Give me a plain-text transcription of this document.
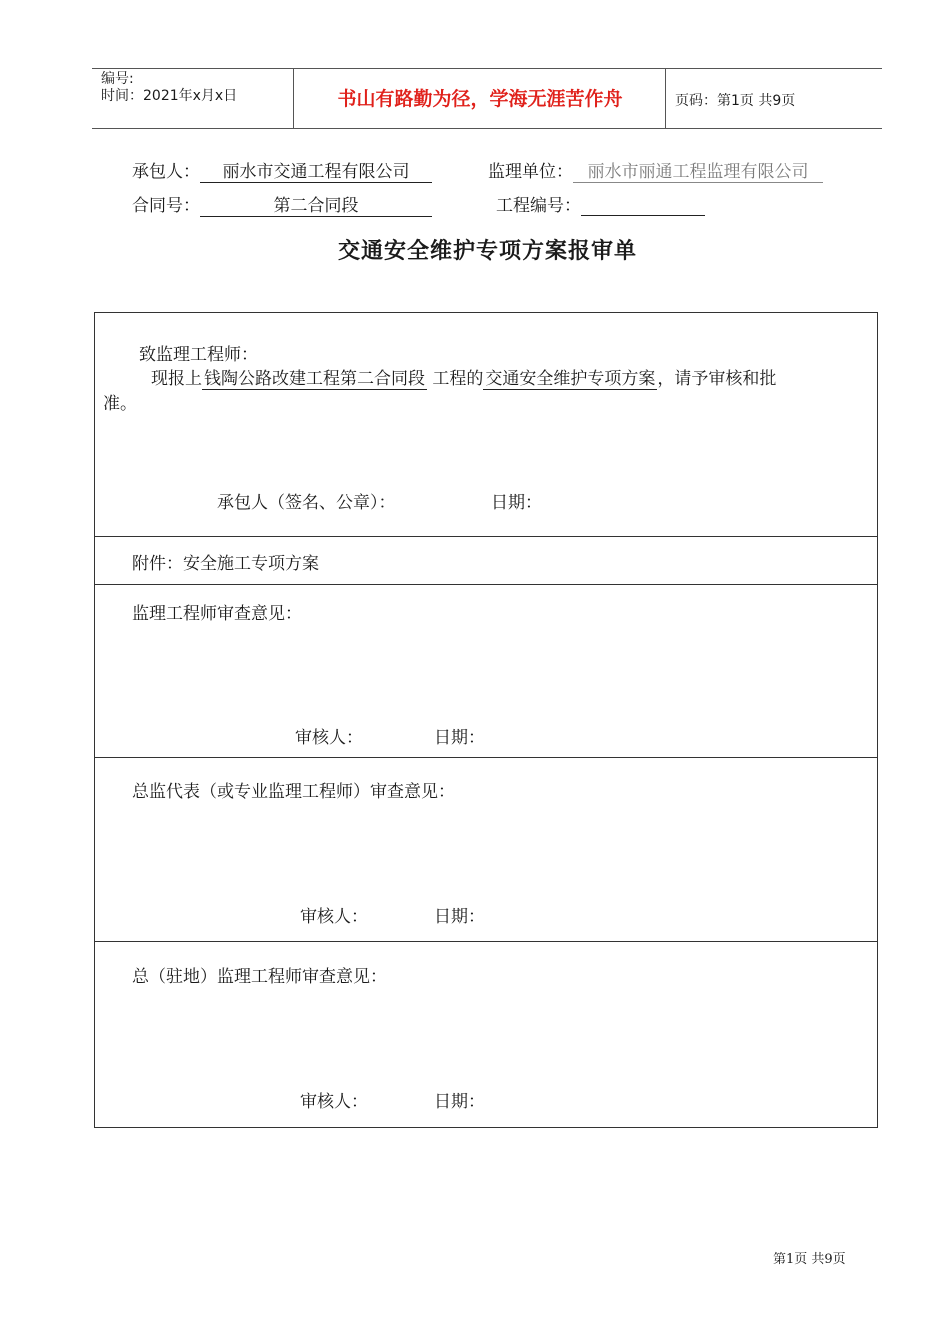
编号:
时间：2021年x月x日	书山有路勤为径，学海无涯苦作舟	页码：第1页 共9页
承包人： 丽水市交通工程有限公司	监理单位： 丽水市丽通工程监理有限公司
合同号：	第二合同段	工程编号：
交通安全维护专项方案报审单
致监理工程师：
现报上 钱陶公路改建工程第二合同段 工程的 交通安全维护专项方案 ，请予审核和批
准。
承包人（签名、公章）：	日期：
附件：安全施工专项方案
监理工程师审查意见：
审核人：	日期：
总监代表（或专业监理工程师）审查意见：
审核人：	日期：
总（驻地）监理工程师审查意见：
审核人：	日期：
第1页 共9页
